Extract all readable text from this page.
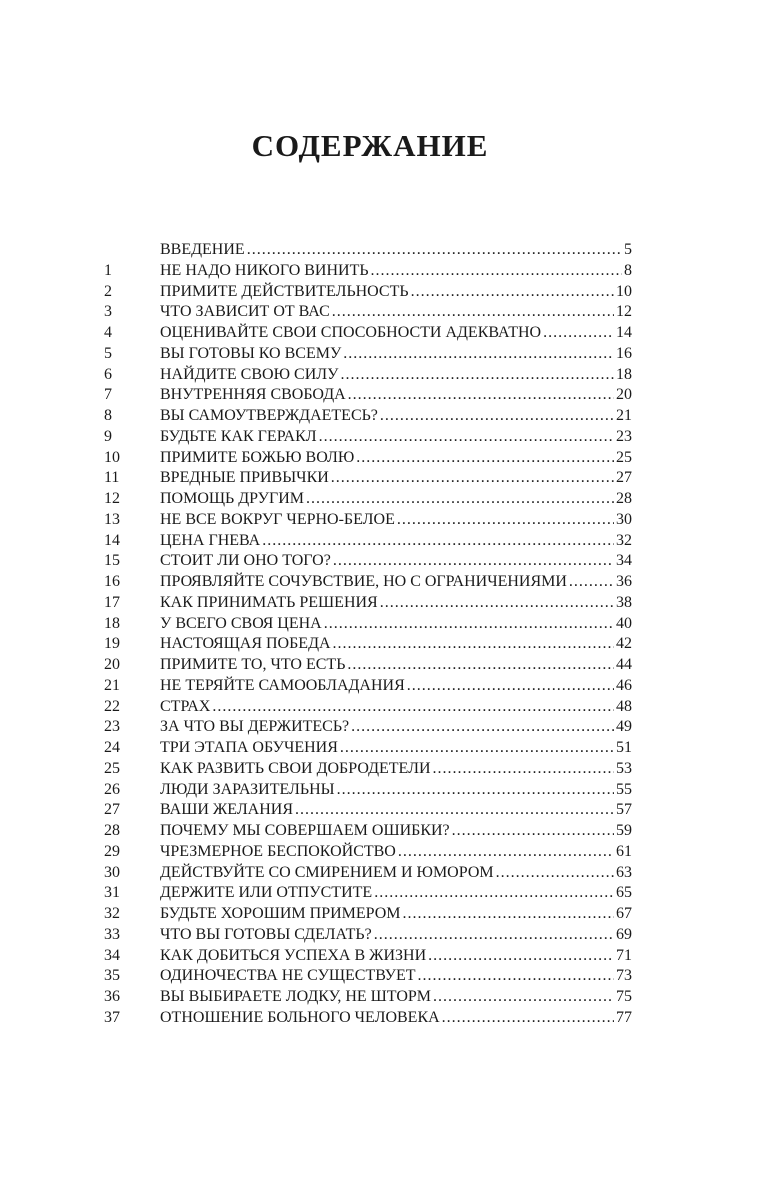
СОДЕРЖАНИЕ
ВВЕДЕНИЕ .....	5
1	НЕ НАДО НИКОГО ВИНИТЬ .....	8
2	ПРИМИТЕ ДЕЙСТВИТЕЛЬНОСТЬ .....	10
3	ЧТО ЗАВИСИТ ОТ ВАС .....	12
4	ОЦЕНИВАЙТЕ СВОИ СПОСОБНОСТИ АДЕКВАТНО .....	14
5	ВЫ ГОТОВЫ КО ВСЕМУ .....	16
6	НАЙДИТЕ СВОЮ СИЛУ .....	18
7	ВНУТРЕННЯЯ СВОБОДА .....	20
8	ВЫ САМОУТВЕРЖДАЕТЕСЬ? .....	21
9	БУДЬТЕ КАК ГЕРАКЛ .....	23
10	ПРИМИТЕ БОЖЬЮ ВОЛЮ .....	25
11	ВРЕДНЫЕ ПРИВЫЧКИ .....	27
12	ПОМОЩЬ ДРУГИМ .....	28
13	НЕ ВСЕ ВОКРУГ ЧЕРНО-БЕЛОЕ .....	30
14	ЦЕНА ГНЕВА .....	32
15	СТОИТ ЛИ ОНО ТОГО? .....	34
16	ПРОЯВЛЯЙТЕ СОЧУВСТВИЕ, НО С ОГРАНИЧЕНИЯМИ .....	36
17	КАК ПРИНИМАТЬ РЕШЕНИЯ .....	38
18	У ВСЕГО СВОЯ ЦЕНА .....	40
19	НАСТОЯЩАЯ ПОБЕДА .....	42
20	ПРИМИТЕ ТО, ЧТО ЕСТЬ .....	44
21	НЕ ТЕРЯЙТЕ САМООБЛАДАНИЯ .....	46
22	СТРАХ .....	48
23	ЗА ЧТО ВЫ ДЕРЖИТЕСЬ? .....	49
24	ТРИ ЭТАПА ОБУЧЕНИЯ .....	51
25	КАК РАЗВИТЬ СВОИ ДОБРОДЕТЕЛИ .....	53
26	ЛЮДИ ЗАРАЗИТЕЛЬНЫ .....	55
27	ВАШИ ЖЕЛАНИЯ .....	57
28	ПОЧЕМУ МЫ СОВЕРШАЕМ ОШИБКИ? .....	59
29	ЧРЕЗМЕРНОЕ БЕСПОКОЙСТВО .....	61
30	ДЕЙСТВУЙТЕ СО СМИРЕНИЕМ И ЮМОРОМ .....	63
31	ДЕРЖИТЕ ИЛИ ОТПУСТИТЕ .....	65
32	БУДЬТЕ ХОРОШИМ ПРИМЕРОМ .....	67
33	ЧТО ВЫ ГОТОВЫ СДЕЛАТЬ? .....	69
34	КАК ДОБИТЬСЯ УСПЕХА В ЖИЗНИ .....	71
35	ОДИНОЧЕСТВА НЕ СУЩЕСТВУЕТ .....	73
36	ВЫ ВЫБИРАЕТЕ ЛОДКУ, НЕ ШТОРМ .....	75
37	ОТНОШЕНИЕ БОЛЬНОГО ЧЕЛОВЕКА .....	77
